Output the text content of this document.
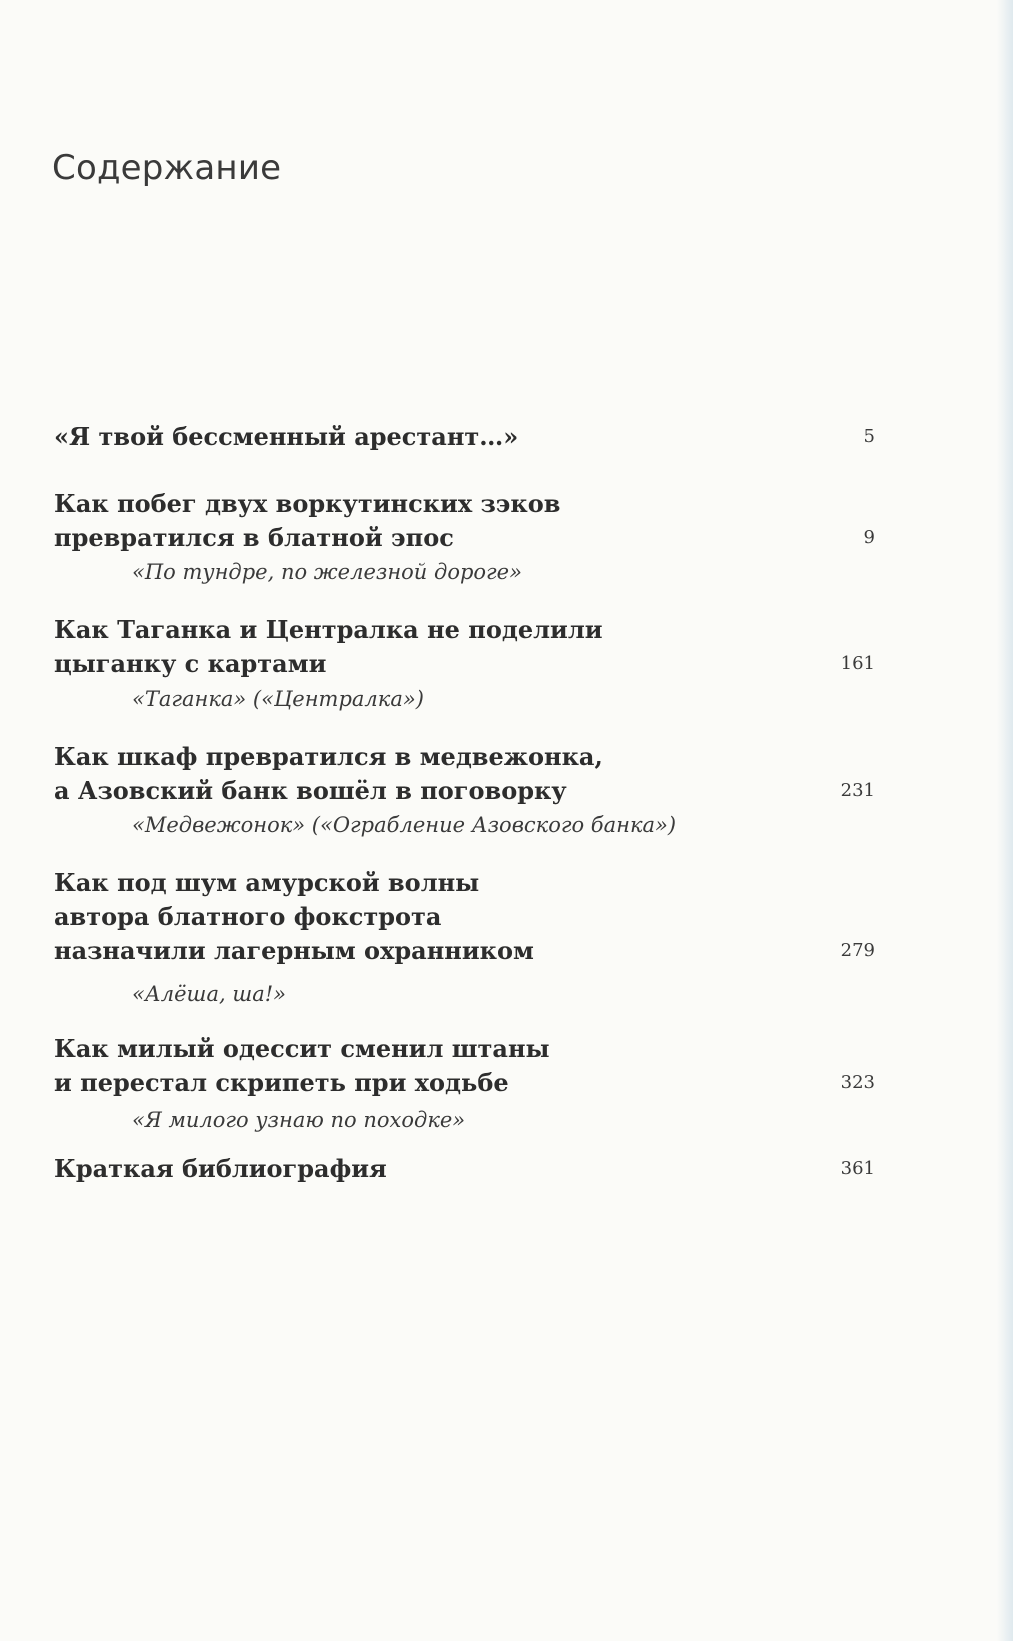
Содержание
«Я твой бессменный арестант…»	5
Как побег двух воркутинских зэков
превратился в блатной эпос
«По тундре, по железной дороге»
9
Как Таганка и Централка не поделили
цыганку с картами
«Таганка» («Централка»)
161
Как шкаф превратился в медвежонка,
а Азовский банк вошёл в поговорку
«Медвежонок» («Ограбление Азовского банка»)
231
Как под шум амурской волны
автора блатного фокстрота
назначили лагерным охранником
«Алёша, ша!»
279
Как милый одессит сменил штаны
и перестал скрипеть при ходьбе
«Я милого узнаю по походке»
323
Краткая библиография	361
